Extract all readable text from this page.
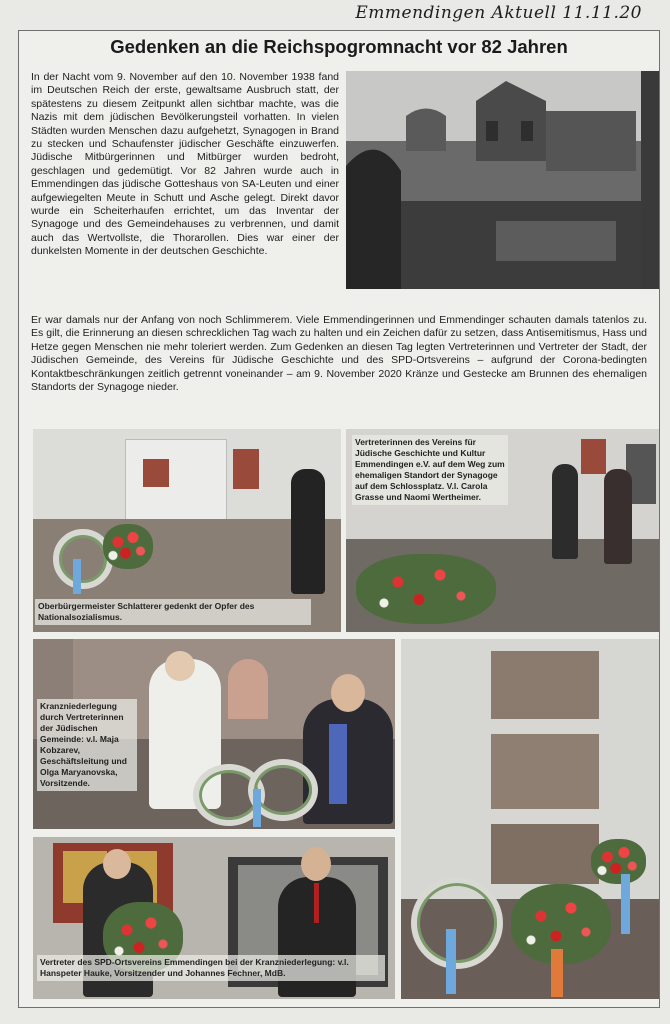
Emmendingen Aktuell 11.11.20
Gedenken an die Reichspogromnacht vor 82 Jahren

In der Nacht vom 9. November auf den 10. November 1938 fand im Deutschen Reich der erste, gewaltsame Ausbruch statt, der spätestens zu diesem Zeitpunkt allen sichtbar machte, was die Nazis mit dem jüdischen Bevölkerungsteil vorhatten. In vielen Städten wurden Menschen dazu aufgehetzt, Synagogen in Brand zu stecken und Schaufenster jüdischer Geschäfte einzuwerfen. Jüdische Mitbürgerinnen und Mitbürger wurden bedroht, geschlagen und gedemütigt. Vor 82 Jahren wurde auch in Emmendingen das jüdische Gotteshaus von SA-Leuten und einer aufgewiegelten Meute in Schutt und Asche gelegt. Direkt davor wurde ein Scheiterhaufen errichtet, um das Inventar der Synagoge und des Gemeindehauses zu verbrennen, und damit auch das Wertvollste, die Thorarollen. Dies war einer der dunkelsten Momente in der deutschen Geschichte.

Er war damals nur der Anfang von noch Schlimmerem. Viele Emmendingerinnen und Emmendinger schauten damals tatenlos zu. Es gilt, die Erinnerung an diesen schrecklichen Tag wach zu halten und ein Zeichen dafür zu setzen, dass Antisemitismus, Hass und Hetze gegen Menschen nie mehr toleriert werden. Zum Gedenken an diesen Tag legten Vertreterinnen und Vertreter der Stadt, der Jüdischen Gemeinde, des Vereins für Jüdische Geschichte und des SPD-Ortsvereins – aufgrund der Corona-bedingten Kontaktbeschränkungen zeitlich getrennt voneinander – am 9. November 2020 Kränze und Gestecke am Brunnen des ehemaligen Standorts der Synagoge nieder.

Oberbürgermeister Schlatterer gedenkt der Opfer des Nationalsozialismus.
Vertreterinnen des Vereins für Jüdische Geschichte und Kultur Emmendingen e.V. auf dem Weg zum ehemaligen Standort der Synagoge auf dem Schlossplatz. V.l. Carola Grasse und Naomi Wertheimer.
Kranzniederlegung durch Vertreterinnen der Jüdischen Gemeinde: v.l. Maja Kobzarev, Geschäftsleitung und Olga Maryanovska, Vorsitzende.
Vertreter des SPD-Ortsvereins Emmendingen bei der Kranzniederlegung: v.l. Hanspeter Hauke, Vorsitzender und Johannes Fechner, MdB.
